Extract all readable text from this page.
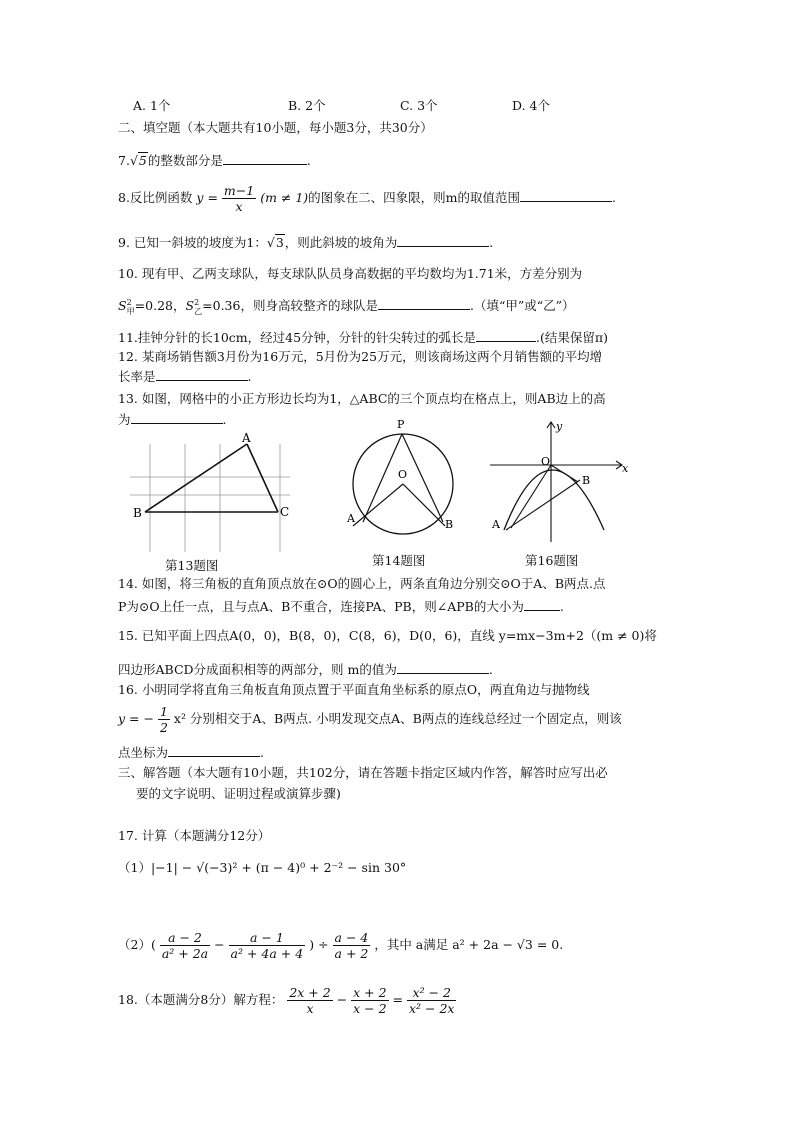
A. 1个	B. 2个	C. 3个	D. 4个
二、填空题（本大题共有10小题，每小题3分，共30分）
7.√5的整数部分是	.
8.反比例函数 $y = \frac{m-1}{x} (m \ne 1)$的图象在二、四象限，则m的取值范围	.
9. 已知一斜坡的坡度为1：√3，则此斜坡的坡角为	.
10. 现有甲、乙两支球队，每支球队队员身高数据的平均数均为1.71米，方差分别为
$S^2_甲=0.28$，$S^2_乙=0.36$，则身高较整齐的球队是	.（填“甲”或“乙”）
11.挂钟分针的长10cm，经过45分钟，分针的针尖转过的弧长是	.(结果保留π)
12. 某商场销售额3月份为16万元，5月份为25万元，则该商场这两个月销售额的平均增
长率是	.
13. 如图，网格中的小正方形边长均为1，△ABC的三个顶点均在格点上，则AB边上的高
为	.
A
B	C
第13题图
P
O
A	B
第14题图
y
x
O
A
B
第16题图
14. 如图，将三角板的直角顶点放在⊙O的圆心上，两条直角边分别交⊙O于A、B两点.点
P为⊙O上任一点，且与点A、B不重合，连接PA、PB，则∠APB的大小为	.
15. 已知平面上四点A(0，0)，B(8，0)，C(8，6)，D(0，6)，直线 y=mx−3m+2（(m ≠ 0)将
四边形ABCD分成面积相等的两部分，则 m的值为	.
16. 小明同学将直角三角板直角顶点置于平面直角坐标系的原点O，两直角边与抛物线
y = − $\frac{1}{2} x^2$ 分别相交于A、B两点. 小明发现交点A、B两点的连线总经过一个固定点，则该
点坐标为	.
三、解答题（本大题有10小题，共102分，请在答题卡指定区域内作答，解答时应写出必
要的文字说明、证明过程或演算步骤)
17. 计算（本题满分12分）
（1）|−1| − √(−3)² + (π − 4)⁰ + 2⁻² − sin 30°
$(2)( \frac{a - 2}{\text{a² + 2a}} - \frac{a - 1}{\text{a² + 4a + 4}}$ ) ÷ $\frac{a - 4}{a + 2}$ ，其中 a满足 a² + 2a − √3 = 0.
18.（本题满分8分）解方程： $\frac{2x + 2}{x} - \frac{x + 2}{x - 2} = \frac{\text{x² − 2}}{\text{x² − 2x}}$
